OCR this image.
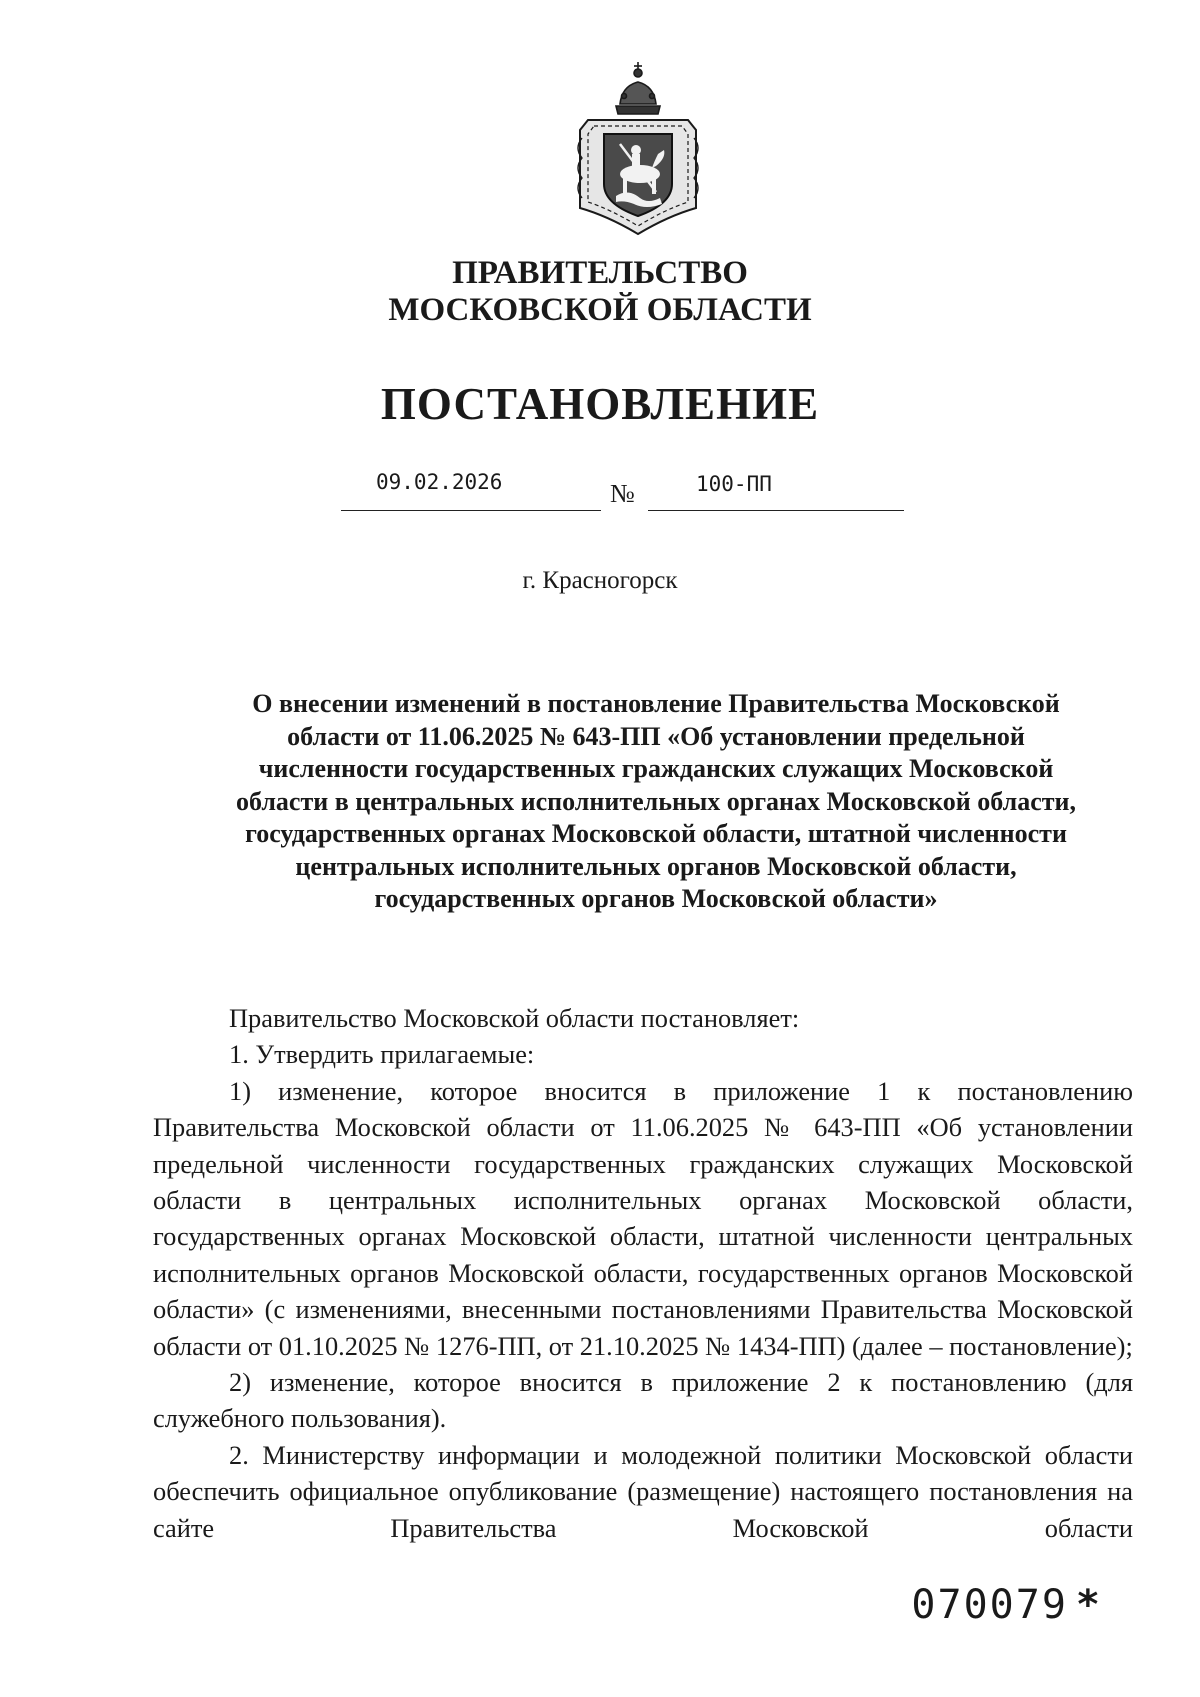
ПРАВИТЕЛЬСТВО
МОСКОВСКОЙ ОБЛАСТИ
ПОСТАНОВЛЕНИЕ
09.02.2026	№	100-ПП
г. Красногорск
О внесении изменений в постановление Правительства Московской
области от 11.06.2025 № 643-ПП «Об установлении предельной
численности государственных гражданских служащих Московской
области в центральных исполнительных органах Московской области,
государственных органах Московской области, штатной численности
центральных исполнительных органов Московской области,
государственных органов Московской области»

Правительство Московской области постановляет:

1. Утвердить прилагаемые:

1) изменение, которое вносится в приложение 1 к постановлению Правительства Московской области от 11.06.2025 № 643-ПП «Об установлении предельной численности государственных гражданских служащих Московской области в центральных исполнительных органах Московской области, государственных органах Московской области, штатной численности центральных исполнительных органов Московской области, государственных органов Московской области» (с изменениями, внесенными постановлениями Правительства Московской области от 01.10.2025 № 1276-ПП, от 21.10.2025 № 1434-ПП) (далее – постановление);

2) изменение, которое вносится в приложение 2 к постановлению (для служебного пользования).

2. Министерству информации и молодежной политики Московской области обеспечить официальное опубликование (размещение) настоящего постановления на сайте Правительства Московской области

070079 *
